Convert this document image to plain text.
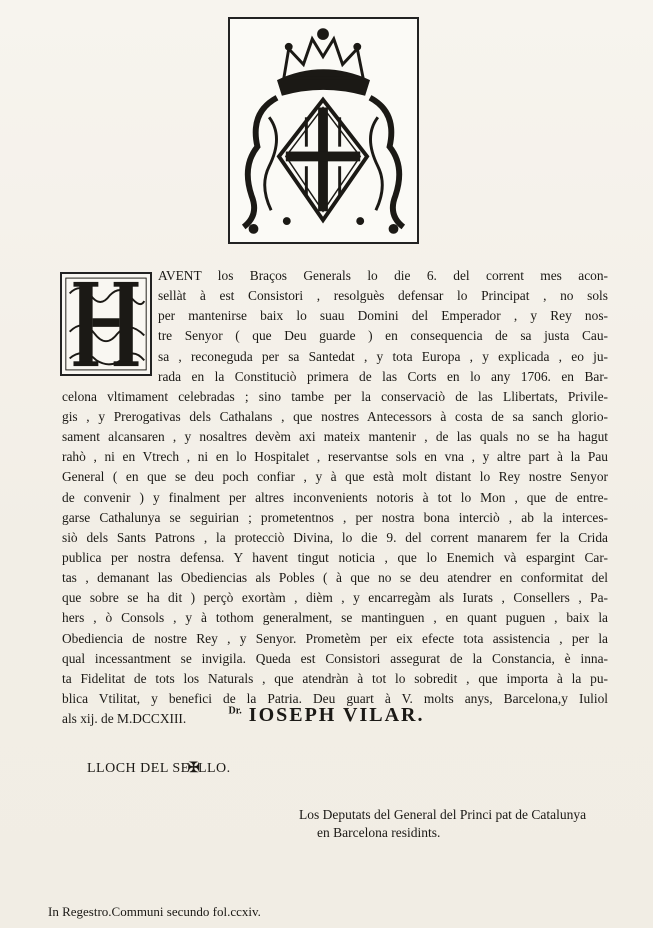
AVENT los Braços Generals lo die 6. del corrent mes acon-
sellàt à est Consistori , resolguès defensar lo Principat , no sols
per mantenirse baix lo suau Domini del Emperador , y Rey nos-
tre Senyor ( que Deu guarde ) en consequencia de sa justa Cau-
sa , reconeguda per sa Santedat , y tota Europa , y explicada , eo ju-
rada en la Constituciò primera de las Corts en lo any 1706. en Bar-
celona vltimament celebradas ; sino tambe per la conservaciò de las Llibertats, Privile-
gis , y Prerogativas dels Cathalans , que nostres Antecessors à costa de sa sanch glorio-
sament alcansaren , y nosaltres devèm axi mateix mantenir , de las quals no se ha hagut
rahò , ni en Vtrech , ni en lo Hospitalet , reservantse sols en vna , y altre part à la Pau
General ( en que se deu poch confiar , y à que està molt distant lo Rey nostre Senyor
de convenir ) y finalment per altres inconvenients notoris à tot lo Mon , que de entre-
garse Cathalunya se seguirian ; prometentnos , per nostra bona interciò , ab la interces-
siò dels Sants Patrons , la protecciò Divina, lo die 9. del corrent manarem fer la Crida
publica per nostra defensa. Y havent tingut noticia , que lo Enemich và espargint Car-
tas , demanant las Obediencias als Pobles ( à que no se deu atendrer en conformitat del
que sobre se ha dit ) perçò exortàm , dièm , y encarregàm als Iurats , Consellers , Pa-
hers , ò Consols , y à tothom generalment, se mantinguen , en quant puguen , baix la
Obediencia de nostre Rey , y Senyor. Prometèm per eix efecte tota assistencia , per la
qual incessantment se invigila. Queda est Consistori assegurat de la Constancia, è inna-
ta Fidelitat de tots los Naturals , que atendràn à tot lo sobredit , que importa à la pu-
blica Vtilitat, y benefici de la Patria. Deu guart à V. molts anys, Barcelona,y Iuliol
als xij. de M.DCCXIII.
$^{Dr.}$ IOSEPH VILAR.
LLOCH DEL SE✠LLO.
Los Deputats del General del Princi pat de Catalunya
en Barcelona residints.
In Regestro.Communi secundo fol.ccxiv.
